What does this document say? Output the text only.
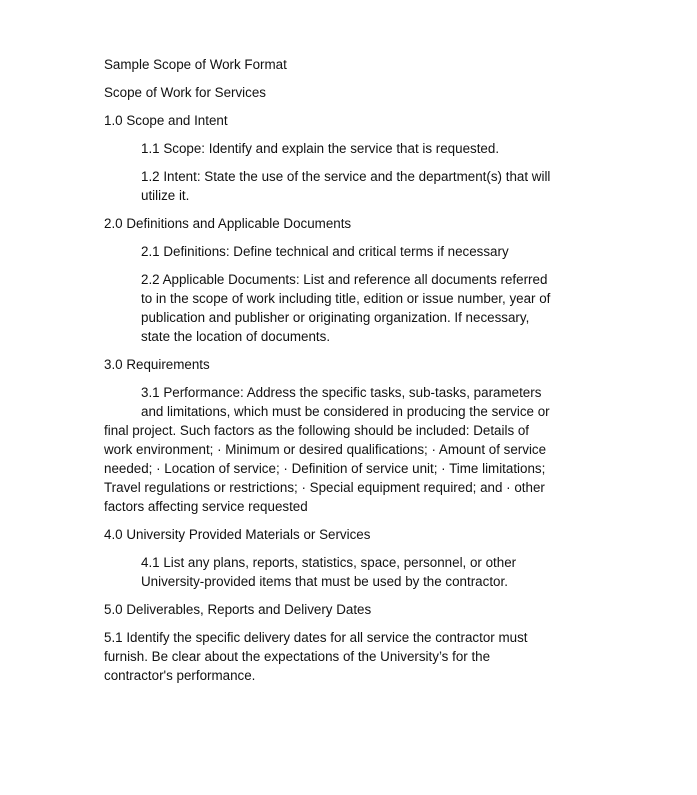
Sample Scope of Work Format
Scope of Work for Services
1.0 Scope and Intent
1.1 Scope: Identify and explain the service that is requested.
1.2 Intent: State the use of the service and the department(s) that will
utilize it.
2.0 Definitions and Applicable Documents
2.1 Definitions: Define technical and critical terms if necessary
2.2 Applicable Documents: List and reference all documents referred
to in the scope of work including title, edition or issue number, year of
publication and publisher or originating organization. If necessary,
state the location of documents.
3.0 Requirements
3.1 Performance: Address the specific tasks, sub-tasks, parameters
and limitations, which must be considered in producing the service or
final project. Such factors as the following should be included: Details of
work environment; · Minimum or desired qualifications; · Amount of service
needed; · Location of service; · Definition of service unit; · Time limitations;
Travel regulations or restrictions; · Special equipment required; and · other
factors affecting service requested
4.0 University Provided Materials or Services
4.1 List any plans, reports, statistics, space, personnel, or other
University-provided items that must be used by the contractor.
5.0 Deliverables, Reports and Delivery Dates
5.1 Identify the specific delivery dates for all service the contractor must
furnish. Be clear about the expectations of the University’s for the
contractor's performance.
